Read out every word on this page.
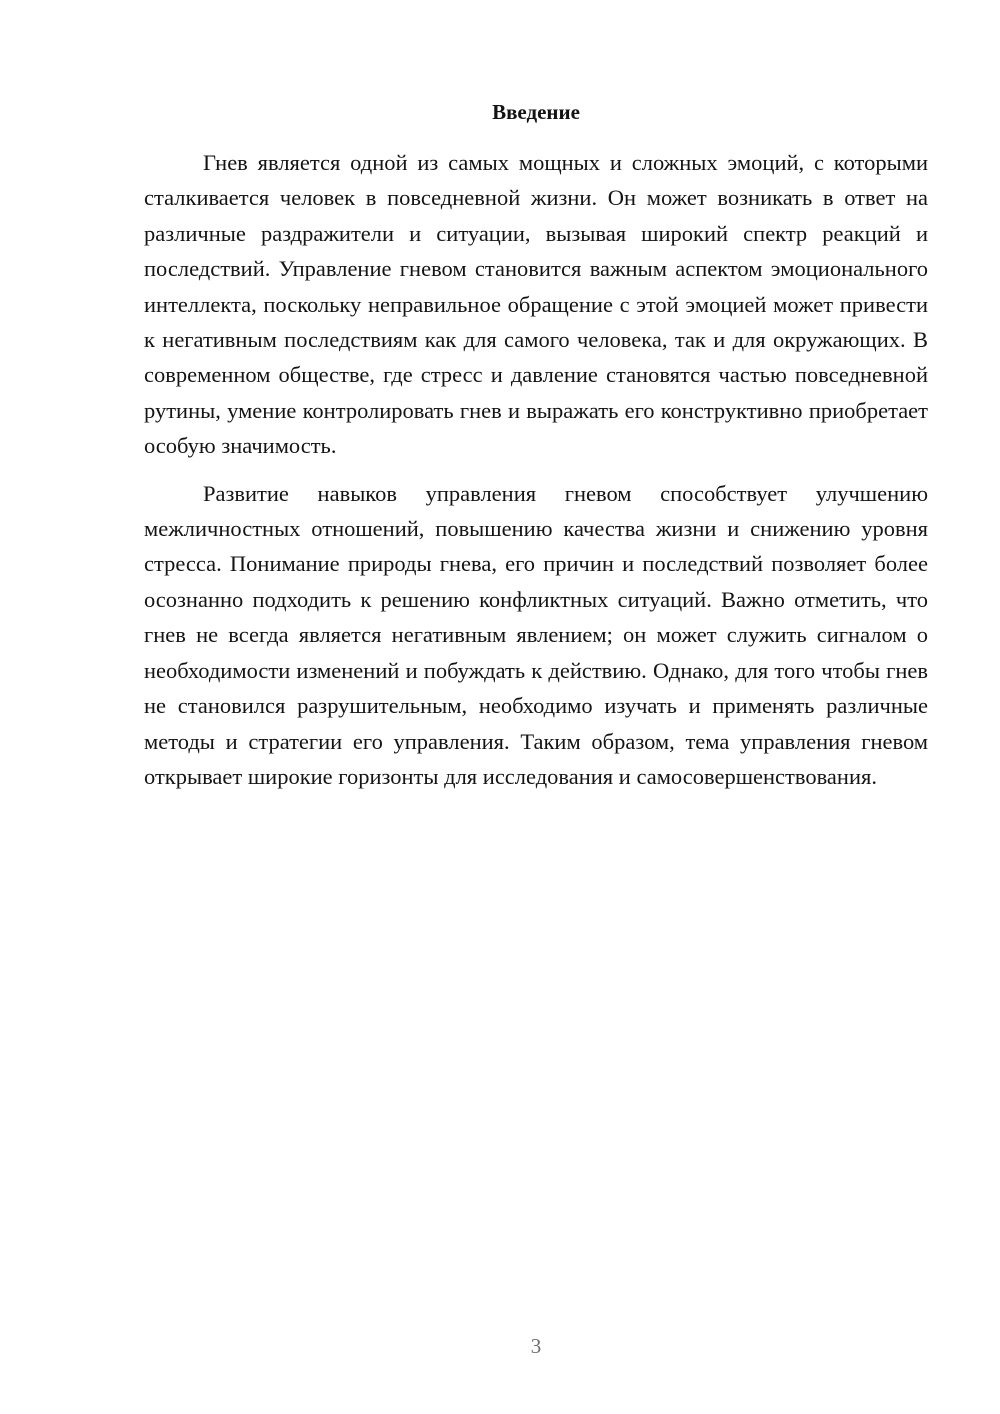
Введение

Гнев является одной из самых мощных и сложных эмоций, с которыми сталкивается человек в повседневной жизни. Он может возникать в ответ на различные раздражители и ситуации, вызывая широкий спектр реакций и последствий. Управление гневом становится важным аспектом эмоционального интеллекта, поскольку неправильное обращение с этой эмоцией может привести к негативным последствиям как для самого человека, так и для окружающих. В современном обществе, где стресс и давление становятся частью повседневной рутины, умение контролировать гнев и выражать его конструктивно приобретает особую значимость.

Развитие навыков управления гневом способствует улучшению межличностных отношений, повышению качества жизни и снижению уровня стресса. Понимание природы гнева, его причин и последствий позволяет более осознанно подходить к решению конфликтных ситуаций. Важно отметить, что гнев не всегда является негативным явлением; он может служить сигналом о необходимости изменений и побуждать к действию. Однако, для того чтобы гнев не становился разрушительным, необходимо изучать и применять различные методы и стратегии его управления. Таким образом, тема управления гневом открывает широкие горизонты для исследования и самосовершенствования.

3
